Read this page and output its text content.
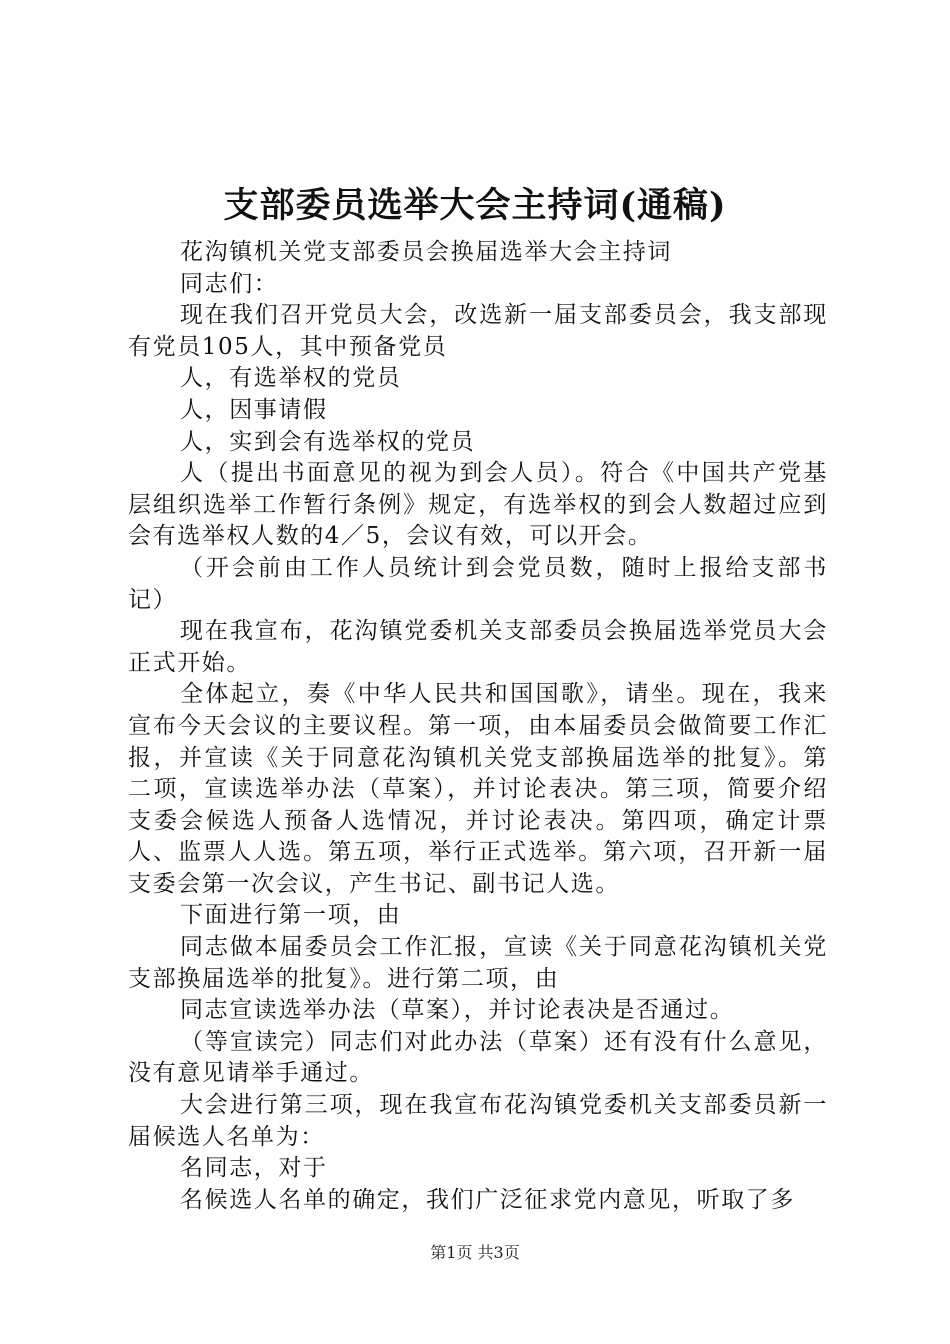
支部委员选举大会主持词(通稿)

花沟镇机关党支部委员会换届选举大会主持词

同志们：

现在我们召开党员大会，改选新一届支部委员会，我支部现有党员105人，其中预备党员

人，有选举权的党员

人，因事请假

人，实到会有选举权的党员

人（提出书面意见的视为到会人员）。符合《中国共产党基层组织选举工作暂行条例》规定，有选举权的到会人数超过应到会有选举权人数的4／5，会议有效，可以开会。

（开会前由工作人员统计到会党员数，随时上报给支部书记）

现在我宣布，花沟镇党委机关支部委员会换届选举党员大会正式开始。

全体起立，奏《中华人民共和国国歌》，请坐。现在，我来宣布今天会议的主要议程。第一项，由本届委员会做简要工作汇报，并宣读《关于同意花沟镇机关党支部换届选举的批复》。第二项，宣读选举办法（草案），并讨论表决。第三项，简要介绍支委会候选人预备人选情况，并讨论表决。第四项，确定计票人、监票人人选。第五项，举行正式选举。第六项，召开新一届支委会第一次会议，产生书记、副书记人选。

下面进行第一项，由

同志做本届委员会工作汇报，宣读《关于同意花沟镇机关党支部换届选举的批复》。进行第二项，由

同志宣读选举办法（草案），并讨论表决是否通过。

（等宣读完）同志们对此办法（草案）还有没有什么意见，没有意见请举手通过。

大会进行第三项，现在我宣布花沟镇党委机关支部委员新一届候选人名单为：

名同志，对于

名候选人名单的确定，我们广泛征求党内意见，听取了多

第1页 共3页
